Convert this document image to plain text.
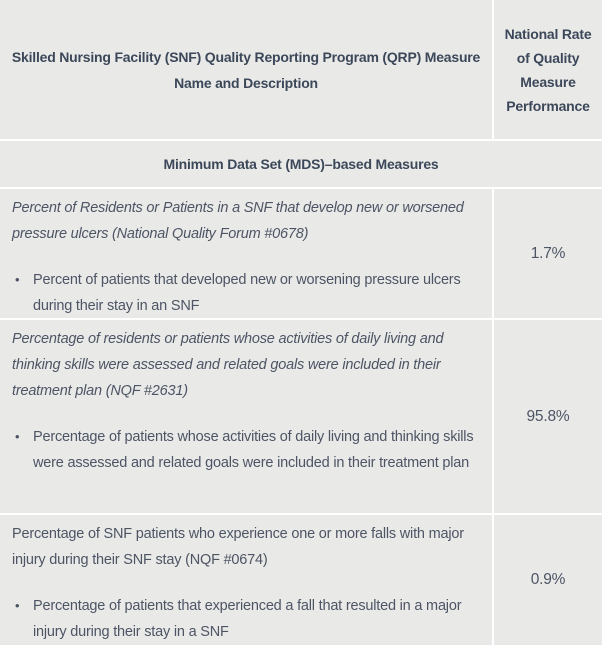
Skilled Nursing Facility (SNF) Quality Reporting Program (QRP) Measure Name and Description
National Rate of Quality Measure Performance
Minimum Data Set (MDS)–based Measures

Percent of Residents or Patients in a SNF that develop new or worsened pressure ulcers (National Quality Forum #0678)

• Percent of patients that developed new or worsening pressure ulcers during their stay in an SNF
1.7%

Percentage of residents or patients whose activities of daily living and thinking skills were assessed and related goals were included in their treatment plan (NQF #2631)

• Percentage of patients whose activities of daily living and thinking skills were assessed and related goals were included in their treatment plan
95.8%

Percentage of SNF patients who experience one or more falls with major injury during their SNF stay (NQF #0674)

• Percentage of patients that experienced a fall that resulted in a major injury during their stay in a SNF
0.9%
